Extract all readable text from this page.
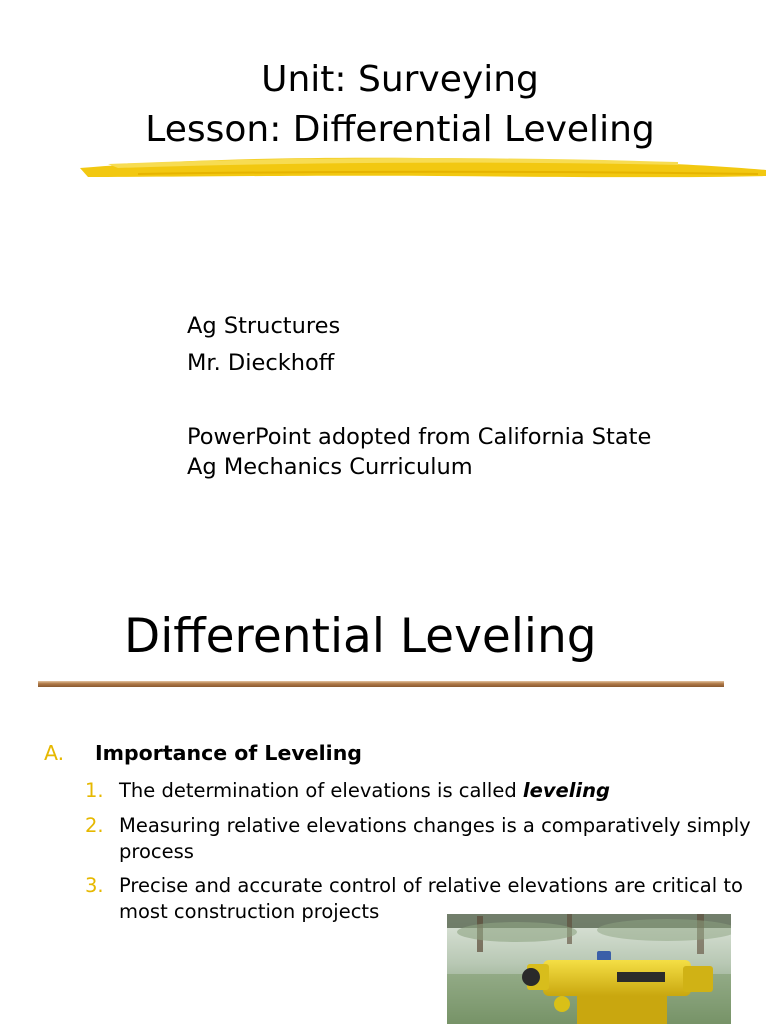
Unit: Surveying
Lesson: Differential Leveling

Ag Structures

Mr. Dieckhoff

PowerPoint adopted from California State

Ag Mechanics Curriculum

Differential Leveling
A. Importance of Leveling
1. The determination of elevations is called leveling
2. Measuring relative elevations changes is a comparatively simply process
3. Precise and accurate control of relative elevations are critical to most construction projects
